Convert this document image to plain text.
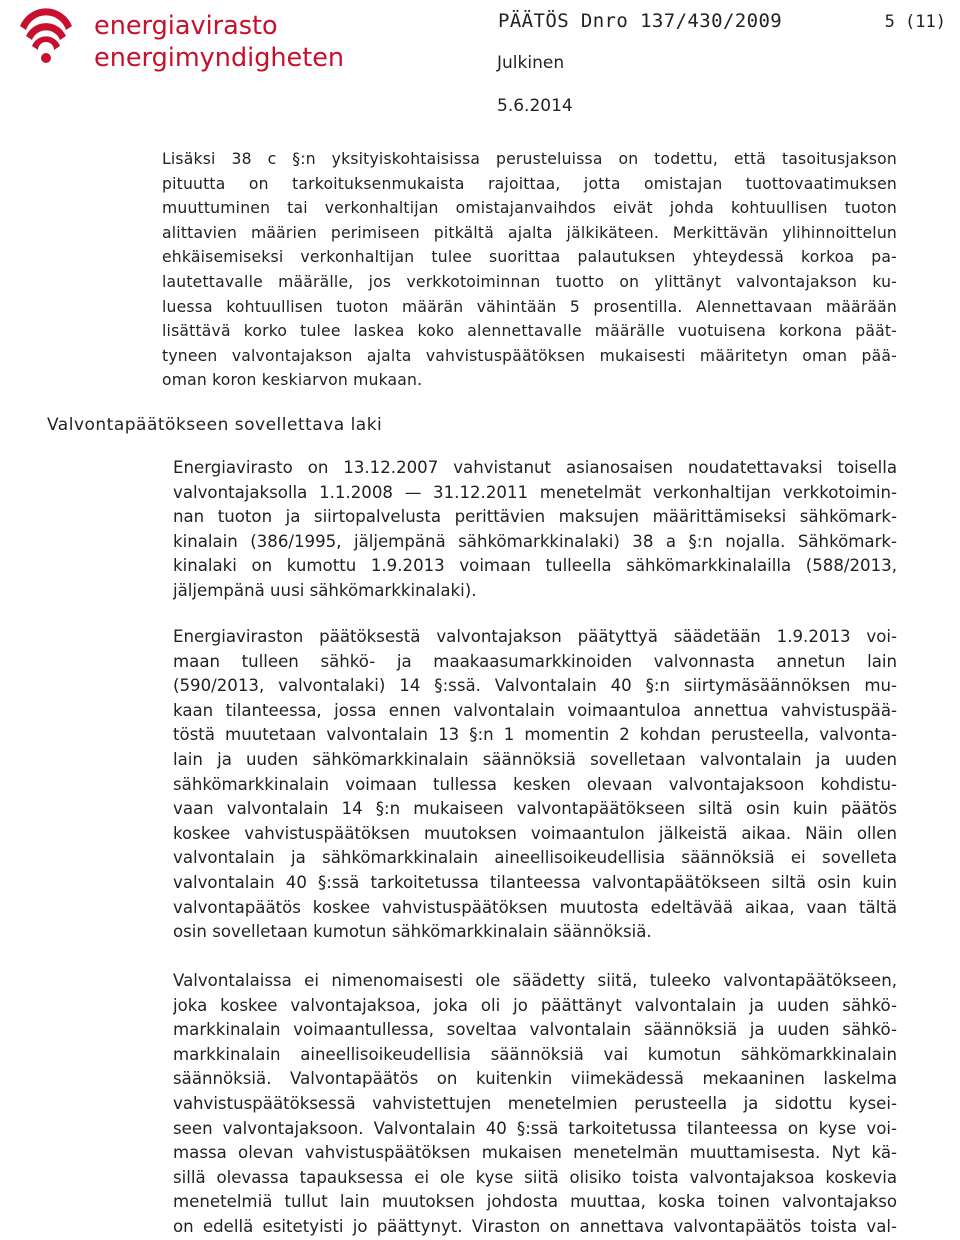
energiavirasto
energimyndigheten
PÄÄTÖS Dnro 137/430/2009	5 (11)
Julkinen
5.6.2014
Lisäksi 38 c §:n yksityiskohtaisissa perusteluissa on todettu, että tasoitusjakson
pituutta on tarkoituksenmukaista rajoittaa, jotta omistajan tuottovaatimuksen
muuttuminen tai verkonhaltijan omistajanvaihdos eivät johda kohtuullisen tuoton
alittavien määrien perimiseen pitkältä ajalta jälkikäteen. Merkittävän ylihinnoittelun
ehkäisemiseksi verkonhaltijan tulee suorittaa palautuksen yhteydessä korkoa pa-
lautettavalle määrälle, jos verkkotoiminnan tuotto on ylittänyt valvontajakson ku-
luessa kohtuullisen tuoton määrän vähintään 5 prosentilla. Alennettavaan määrään
lisättävä korko tulee laskea koko alennettavalle määrälle vuotuisena korkona päät-
tyneen valvontajakson ajalta vahvistuspäätöksen mukaisesti määritetyn oman pää-
oman koron keskiarvon mukaan.
Valvontapäätökseen sovellettava laki
Energiavirasto on 13.12.2007 vahvistanut asianosaisen noudatettavaksi toisella
valvontajaksolla 1.1.2008 — 31.12.2011 menetelmät verkonhaltijan verkkotoimin-
nan tuoton ja siirtopalvelusta perittävien maksujen määrittämiseksi sähkömark-
kinalain (386/1995, jäljempänä sähkömarkkinalaki) 38 a §:n nojalla. Sähkömark-
kinalaki on kumottu 1.9.2013 voimaan tulleella sähkömarkkinalailla (588/2013,
jäljempänä uusi sähkömarkkinalaki).
Energiaviraston päätöksestä valvontajakson päätyttyä säädetään 1.9.2013 voi-
maan tulleen sähkö- ja maakaasumarkkinoiden valvonnasta annetun lain
(590/2013, valvontalaki) 14 §:ssä. Valvontalain 40 §:n siirtymäsäännöksen mu-
kaan tilanteessa, jossa ennen valvontalain voimaantuloa annettua vahvistuspää-
töstä muutetaan valvontalain 13 §:n 1 momentin 2 kohdan perusteella, valvonta-
lain ja uuden sähkömarkkinalain säännöksiä sovelletaan valvontalain ja uuden
sähkömarkkinalain voimaan tullessa kesken olevaan valvontajaksoon kohdistu-
vaan valvontalain 14 §:n mukaiseen valvontapäätökseen siltä osin kuin päätös
koskee vahvistuspäätöksen muutoksen voimaantulon jälkeistä aikaa. Näin ollen
valvontalain ja sähkömarkkinalain aineellisoikeudellisia säännöksiä ei sovelleta
valvontalain 40 §:ssä tarkoitetussa tilanteessa valvontapäätökseen siltä osin kuin
valvontapäätös koskee vahvistuspäätöksen muutosta edeltävää aikaa, vaan tältä
osin sovelletaan kumotun sähkömarkkinalain säännöksiä.
Valvontalaissa ei nimenomaisesti ole säädetty siitä, tuleeko valvontapäätökseen,
joka koskee valvontajaksoa, joka oli jo päättänyt valvontalain ja uuden sähkö-
markkinalain voimaantullessa, soveltaa valvontalain säännöksiä ja uuden sähkö-
markkinalain aineellisoikeudellisia säännöksiä vai kumotun sähkömarkkinalain
säännöksiä. Valvontapäätös on kuitenkin viimekädessä mekaaninen laskelma
vahvistuspäätöksessä vahvistettujen menetelmien perusteella ja sidottu kysei-
seen valvontajaksoon. Valvontalain 40 §:ssä tarkoitetussa tilanteessa on kyse voi-
massa olevan vahvistuspäätöksen mukaisen menetelmän muuttamisesta. Nyt kä-
sillä olevassa tapauksessa ei ole kyse siitä olisiko toista valvontajaksoa koskevia
menetelmiä tullut lain muutoksen johdosta muuttaa, koska toinen valvontajakso
on edellä esitetyisti jo päättynyt. Viraston on annettava valvontapäätös toista val-
